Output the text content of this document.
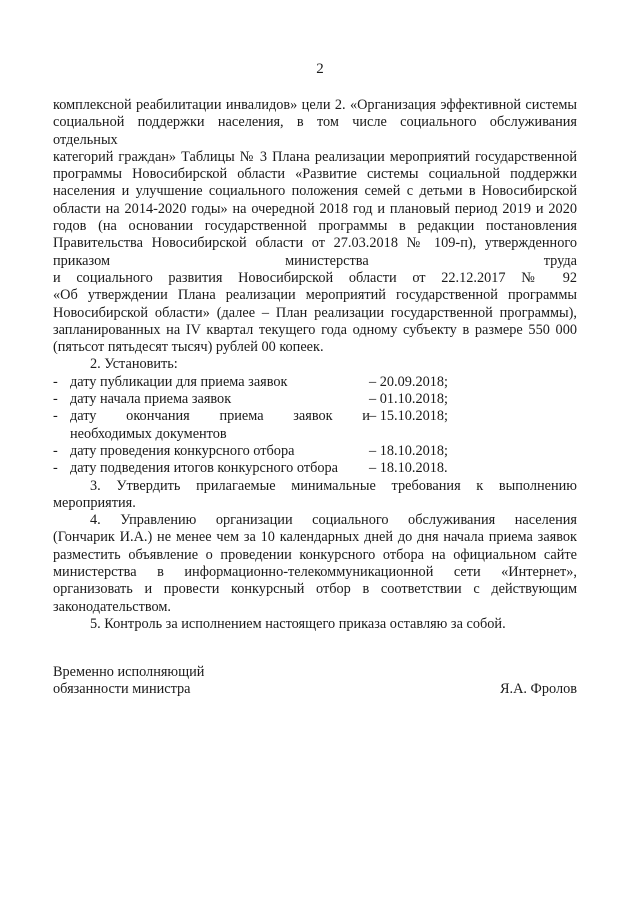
2
комплексной реабилитации инвалидов» цели 2. «Организация эффективной системы
социальной поддержки населения, в том числе социального обслуживания отдельных
категорий граждан» Таблицы № 3 Плана реализации мероприятий государственной
программы Новосибирской области «Развитие системы социальной поддержки
населения и улучшение социального положения семей с детьми в Новосибирской
области на 2014-2020 годы» на очередной 2018 год и плановый период 2019 и 2020
годов (на основании государственной программы в редакции постановления
Правительства Новосибирской области от 27.03.2018 № 109-п), утвержденного
приказом министерства труда
и социального развития Новосибирской области от 22.12.2017 № 92
«Об утверждении Плана реализации мероприятий государственной программы
Новосибирской области» (далее – План реализации государственной программы),
запланированных на IV квартал текущего года одному субъекту в размере 550 000
(пятьсот пятьдесят тысяч) рублей 00 копеек.
2. Установить:
- дату публикации для приема заявок	– 20.09.2018;
- дату начала приема заявок	– 01.10.2018;
- дату окончания приема заявок и – 15.10.2018;
необходимых документов
- дату проведения конкурсного отбора	– 18.10.2018;
- дату подведения итогов конкурсного отбора – 18.10.2018.
3. Утвердить прилагаемые минимальные требования к выполнению
мероприятия.
4. Управлению организации социального обслуживания населения
(Гончарик И.А.) не менее чем за 10 календарных дней до дня начала приема заявок
разместить объявление о проведении конкурсного отбора на официальном сайте
министерства в информационно-телекоммуникационной сети «Интернет»,
организовать и провести конкурсный отбор в соответствии с действующим
законодательством.
5. Контроль за исполнением настоящего приказа оставляю за собой.
Временно исполняющий
обязанности министра	Я.А. Фролов
